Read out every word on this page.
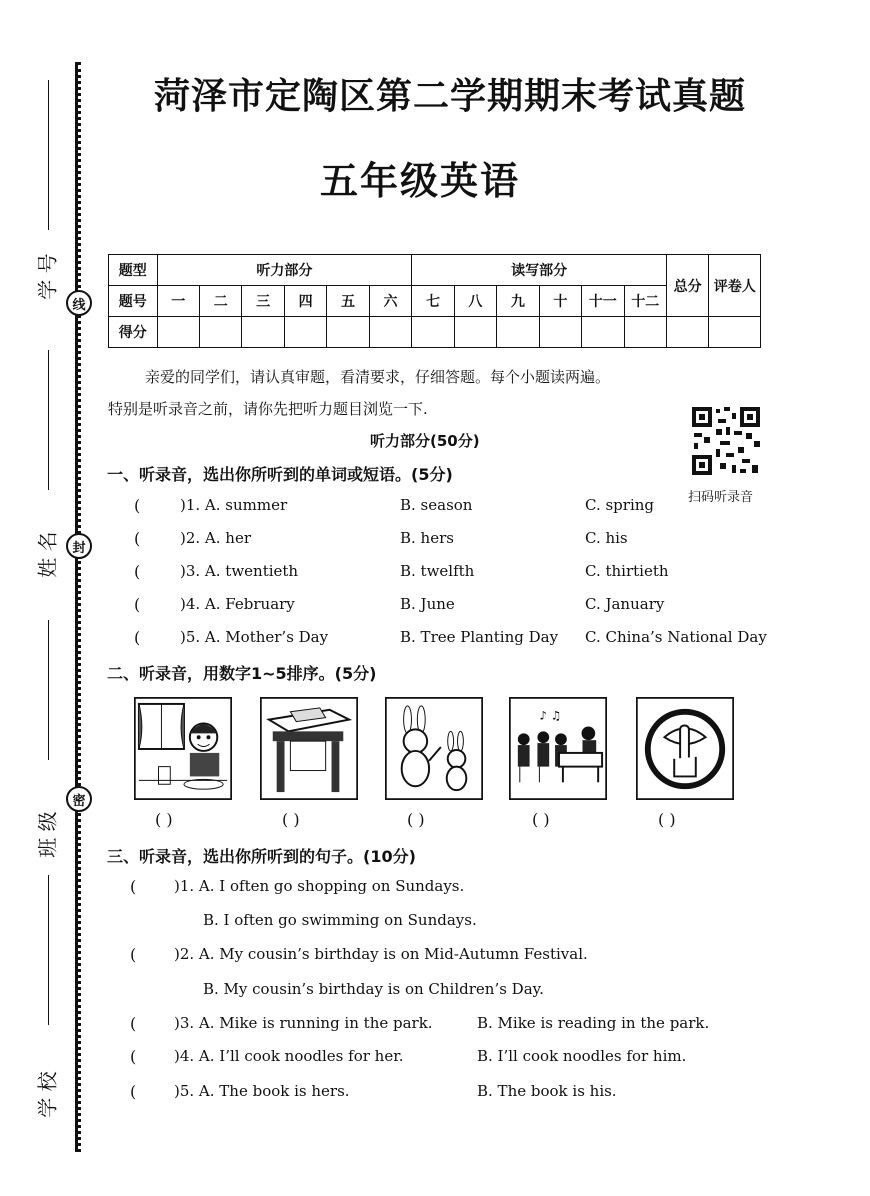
线
封
密
学 号
姓 名
班 级
学 校
菏泽市定陶区第二学期期末考试真题
五年级英语
题型	听力部分						读写部分						总分	评卷人
题号	一	二	三	四	五	六	七	八	九	十	十一	十二		
得分														
亲爱的同学们，请认真审题，看清要求，仔细答题。每个小题读两遍。
特别是听录音之前，请你先把听力题目浏览一下.
扫码听录音
听力部分(50分)
一、听录音，选出你所听到的单词或短语。(5分)
(	)1. A. summer	B. season	C. spring
(	)2. A. her	B. hers	C. his
(	)3. A. twentieth	B. twelfth	C. thirtieth
(	)4. A. February	B. June	C. January
(	)5. A. Mother’s Day	B. Tree Planting Day C. China’s National Day
二、听录音，用数字1~5排序。(5分)
♪ ♫
( )	( )	( )	( )	( )
三、听录音，选出你所听到的句子。(10分)
(	)1. A. I often go shopping on Sundays.
B. I often go swimming on Sundays.
(	)2. A. My cousin’s birthday is on Mid-Autumn Festival.
B. My cousin’s birthday is on Children’s Day.
(	)3. A. Mike is running in the park.	B. Mike is reading in the park.
(	)4. A. I’ll cook noodles for her.	B. I’ll cook noodles for him.
(	)5. A. The book is hers.	B. The book is his.
